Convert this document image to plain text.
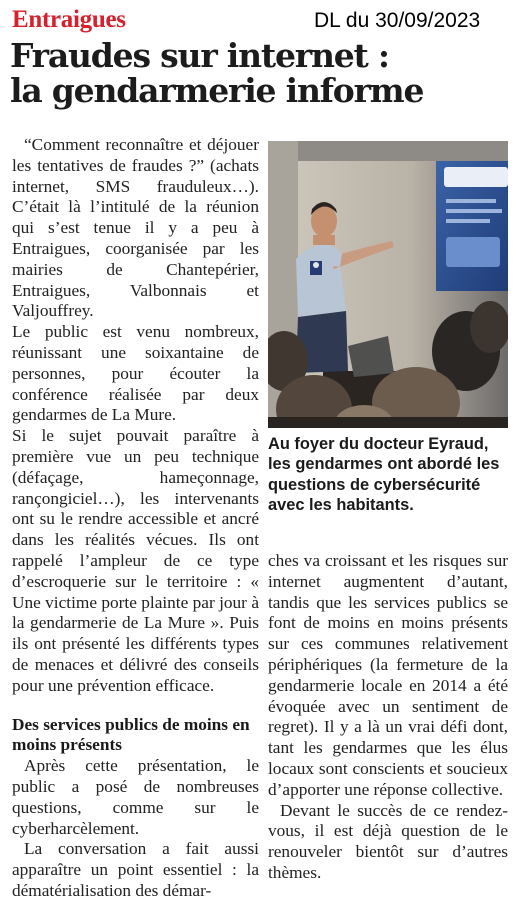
Entraigues	DL du 30/09/2023
Fraudes sur internet :
la gendarmerie informe

“Comment reconnaître et déjouer les tentatives de fraudes ?” (achats internet, SMS frauduleux…). C’était là l’intitulé de la réunion qui s’est tenue il y a peu à Entraigues, coorganisée par les mairies de Chantepérier, Entraigues, Valbonnais et Valjouffrey.

Le public est venu nombreux, réunissant une soixantaine de personnes, pour écouter la conférence réalisée par deux gendarmes de La Mure.

Si le sujet pouvait paraître à première vue un peu technique (défaçage, hameçonnage, rançongiciel…), les intervenants ont su le rendre accessible et ancré dans les réalités vécues. Ils ont rappelé l’ampleur de ce type d’escroquerie sur le territoire : « Une victime porte plainte par jour à la gendarmerie de La Mure ». Puis ils ont présenté les différents types de menaces et délivré des conseils pour une prévention efficace.

Des services publics de moins en moins présents

Après cette présentation, le public a posé de nombreuses questions, comme sur le cyberharcèlement.

La conversation a fait aussi apparaître un point essentiel : la dématérialisation des démar-

Au foyer du docteur Eyraud, les gendarmes ont abordé les questions de cybersécurité avec les habitants.

ches va croissant et les risques sur internet augmentent d’autant, tandis que les services publics se font de moins en moins présents sur ces communes relativement périphériques (la fermeture de la gendarmerie locale en 2014 a été évoquée avec un sentiment de regret). Il y a là un vrai défi dont, tant les gendarmes que les élus locaux sont conscients et soucieux d’apporter une réponse collective.

Devant le succès de ce rendez-vous, il est déjà question de le renouveler bientôt sur d’autres thèmes.
